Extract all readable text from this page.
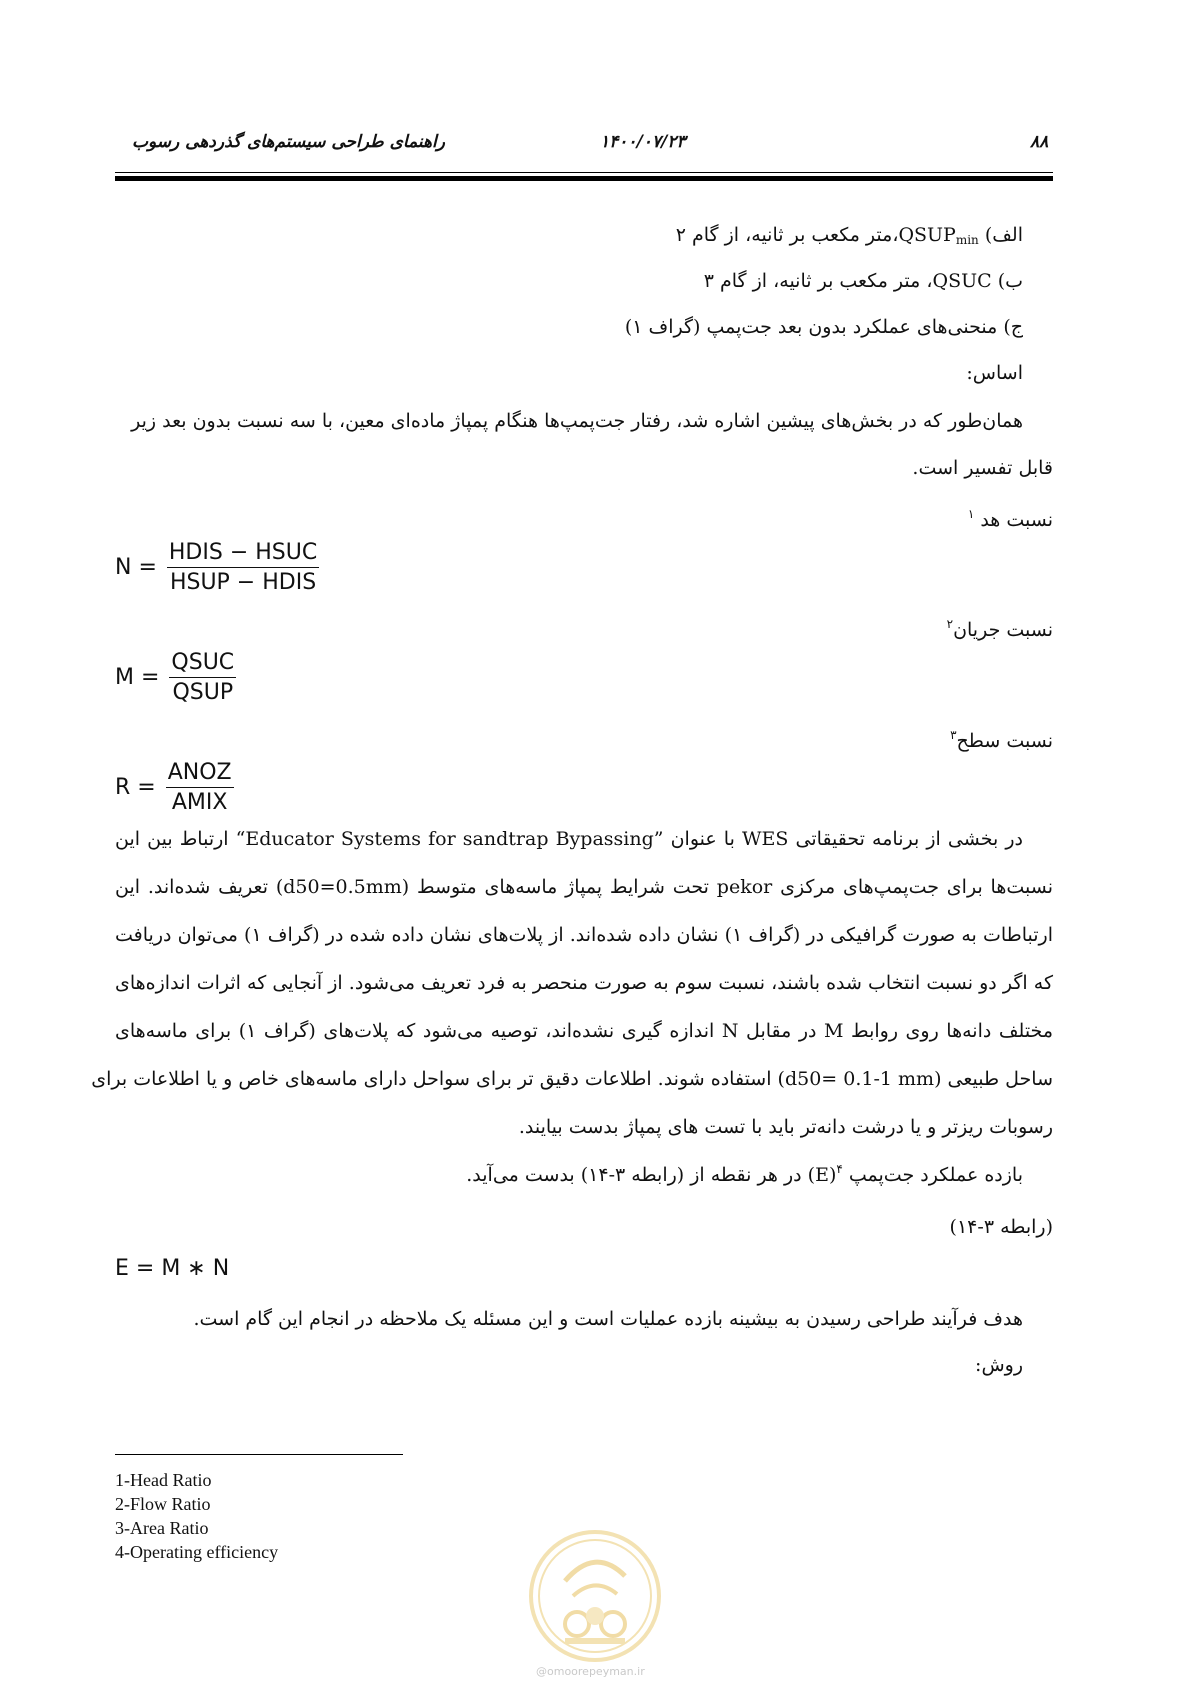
۸۸
۱۴۰۰/۰۷/۲۳
راهنمای طراحی سیستم‌های گذردهی رسوب
الف) $QSUP_{min}،متر$ مکعب بر ثانیه، از گام ۲
ب) QSUC، متر مکعب بر ثانیه، از گام ۳
ج) منحنی‌های عملکرد بدون بعد جت‌پمپ (گراف ۱)
اساس:
همان‌طور که در بخش‌های پیشین اشاره شد، رفتار جت‌پمپ‌ها هنگام پمپاژ ماده‌ای معین، با سه نسبت بدون بعد زیر
قابل تفسیر است.
نسبت هد $^۱$
$N = \frac{\text{HDIS − HSUC}}{\text{HSUP − HDIS}}$
نسبت جریان$^۲$
$M = \frac{\text{QSUC}}{\text{QSUP}}$
نسبت سطح$^۳$
$R = \frac{\text{ANOZ}}{\text{AMIX}}$
در بخشی از برنامه تحقیقاتی WES با عنوان ”Educator Systems for sandtrap Bypassing“ ارتباط بین این
نسبت‌ها برای جت‌پمپ‌های مرکزی pekor تحت شرایط پمپاژ ماسه‌های متوسط (d50=0.5mm) تعریف شده‌اند. این
ارتباطات به صورت گرافیکی در (گراف ۱) نشان داده شده‌اند. از پلات‌های نشان داده شده در (گراف ۱) می‌توان دریافت
که اگر دو نسبت انتخاب شده باشند، نسبت سوم به صورت منحصر به فرد تعریف می‌شود. از آنجایی که اثرات اندازه‌های
مختلف دانه‌ها روی روابط M در مقابل N اندازه گیری نشده‌اند، توصیه می‌شود که پلات‌های (گراف ۱) برای ماسه‌های
ساحل طبیعی (d50= 0.1-1 mm) استفاده شوند. اطلاعات دقیق تر برای سواحل دارای ماسه‌های خاص و یا اطلاعات برای
رسوبات ریزتر و یا درشت دانه‌تر باید با تست های پمپاژ بدست بیایند.
بازده عملکرد جت‌پمپ $^۴$(E) در هر نقطه از (رابطه ۳-۱۴) بدست می‌آید.
(رابطه ۳-۱۴)
E = M ∗ N
هدف فرآیند طراحی رسیدن به بیشینه بازده عملیات است و این مسئله یک ملاحظه در انجام این گام است.
روش:
1-Head Ratio
2-Flow Ratio
3-Area Ratio
4-Operating efficiency
@omoorepeyman.ir
